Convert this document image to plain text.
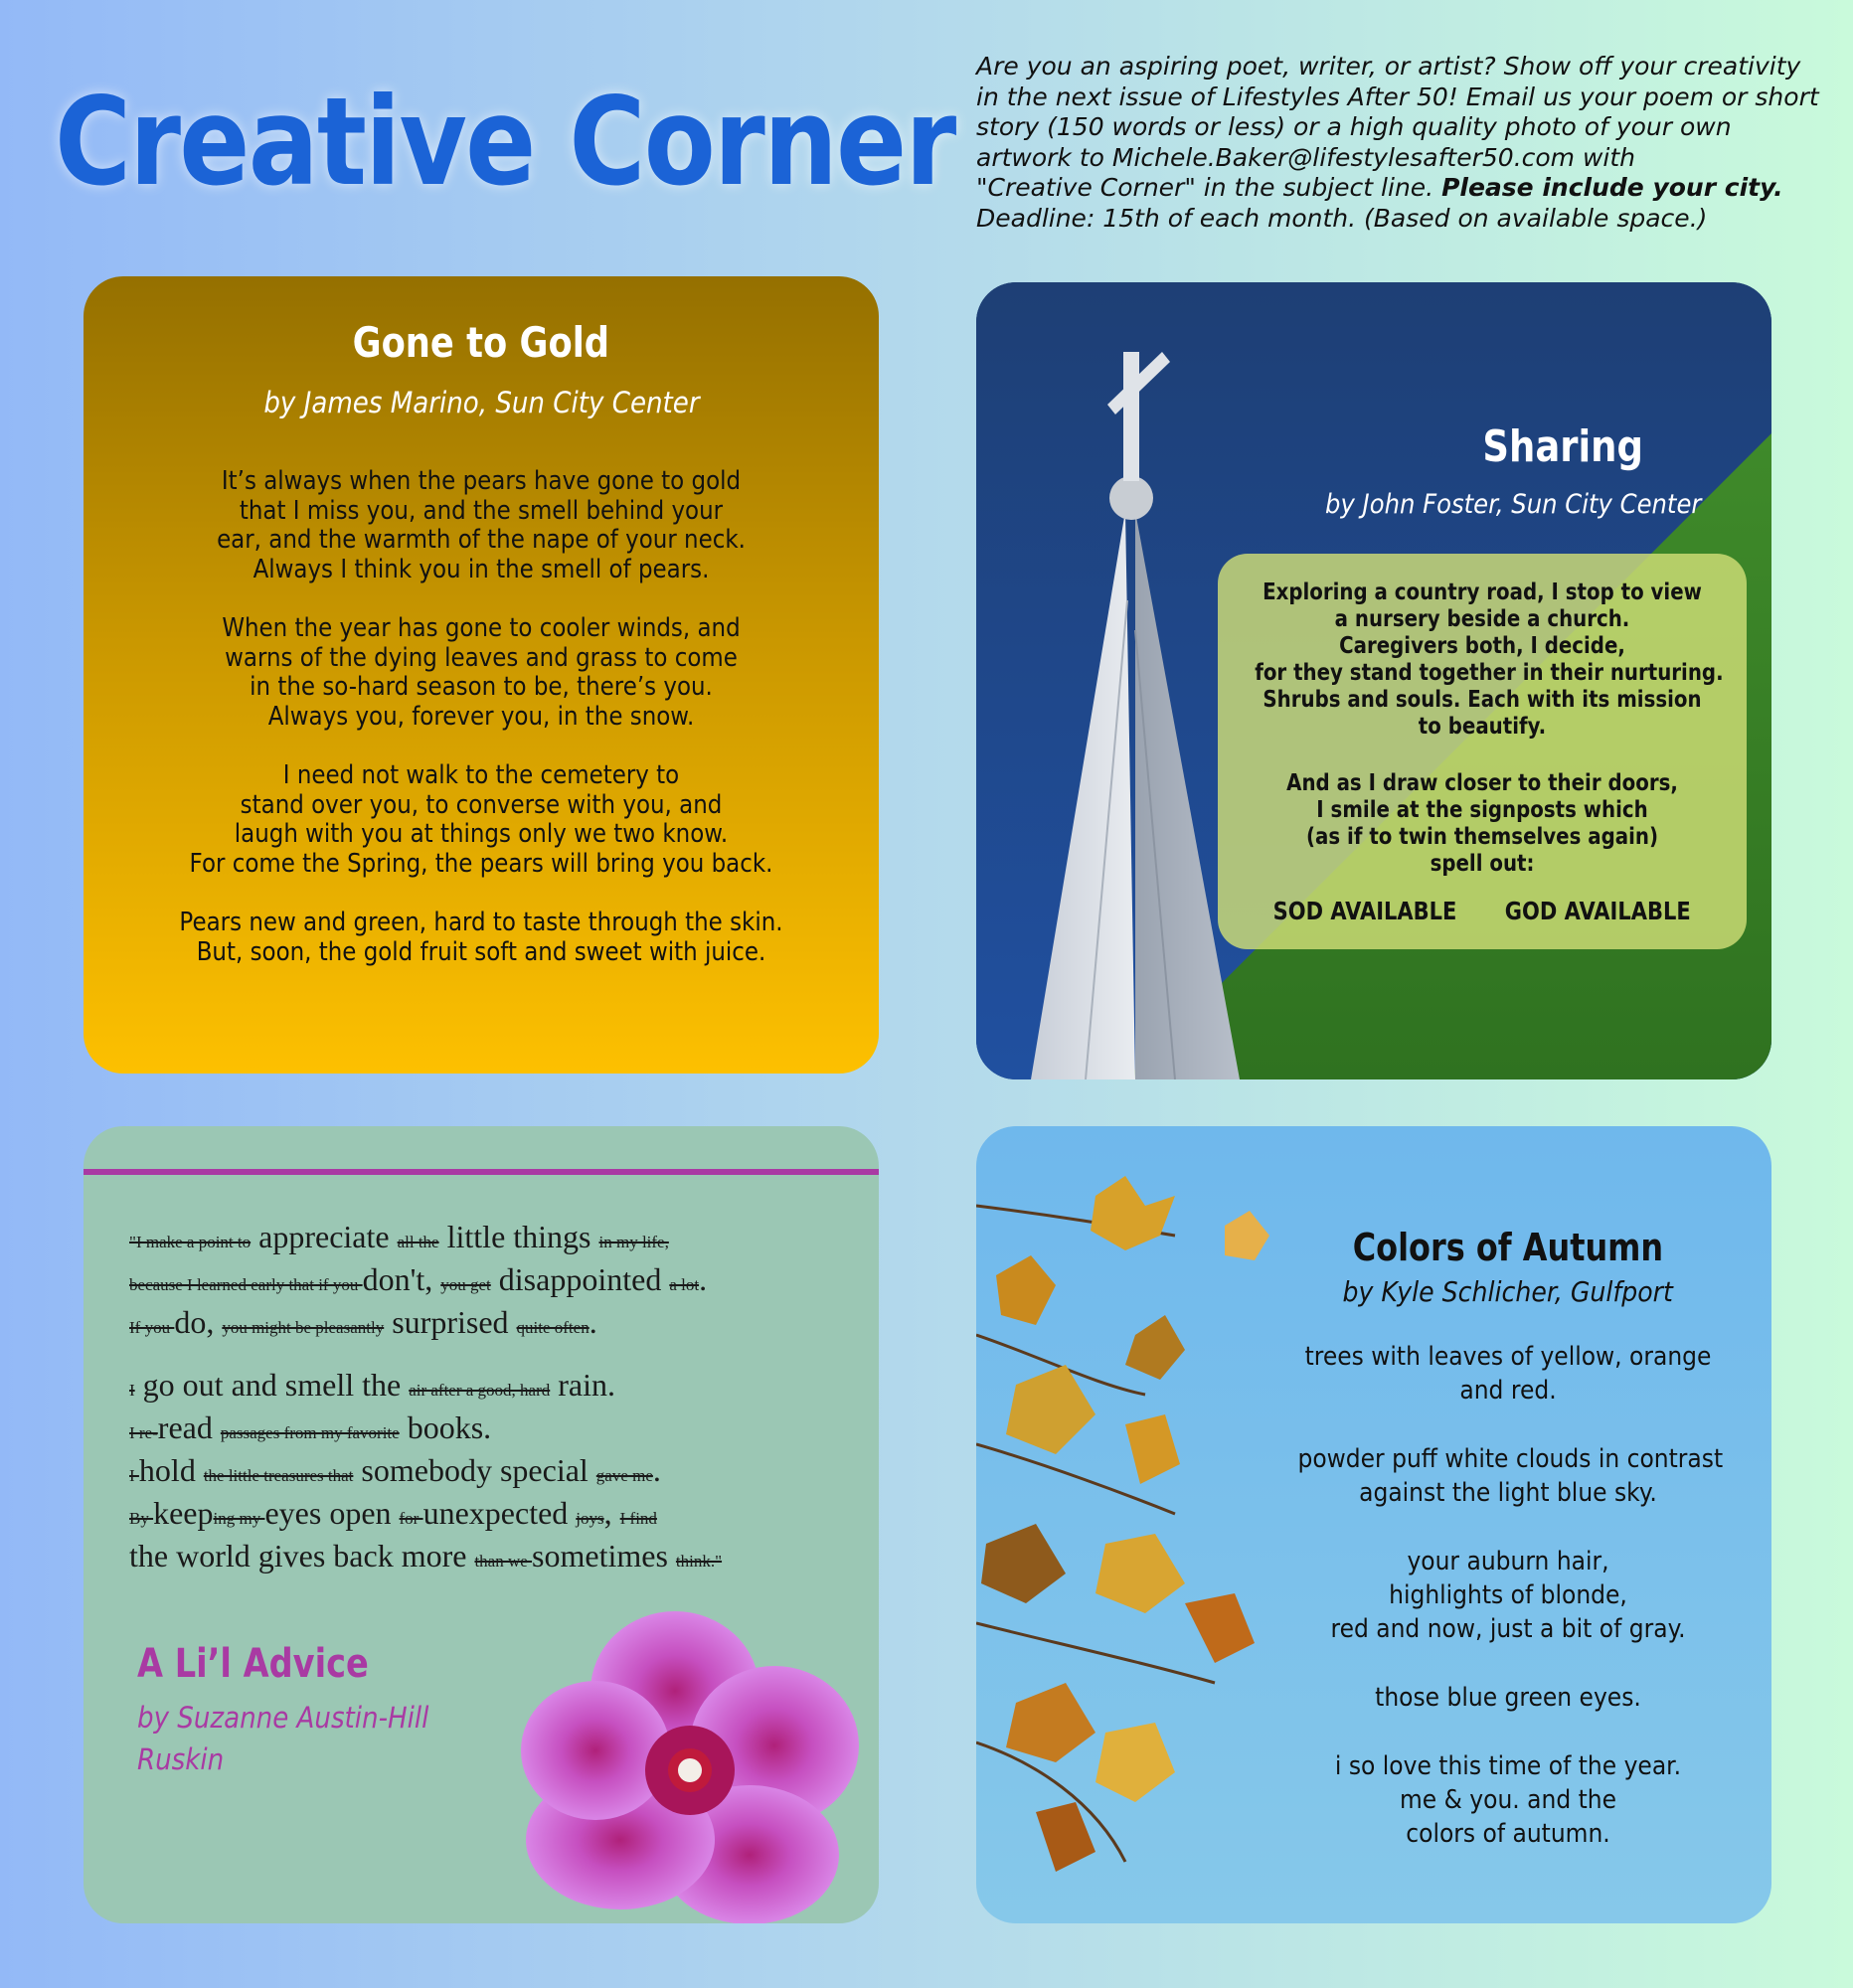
Creative Corner
Are you an aspiring poet, writer, or artist? Show off your creativity
in the next issue of Lifestyles After 50! Email us your poem or short
story (150 words or less) or a high quality photo of your own
artwork to Michele.Baker@lifestylesafter50.com with
"Creative Corner" in the subject line. Please include your city.
Deadline: 15th of each month. (Based on available space.)
Gone to Gold
by James Marino, Sun City Center
It’s always when the pears have gone to gold
that I miss you, and the smell behind your
ear, and the warmth of the nape of your neck.
Always I think you in the smell of pears.
When the year has gone to cooler winds, and
warns of the dying leaves and grass to come
in the so-hard season to be, there’s you.
Always you, forever you, in the snow.
I need not walk to the cemetery to
stand over you, to converse with you, and
laugh with you at things only we two know.
For come the Spring, the pears will bring you back.
Pears new and green, hard to taste through the skin.
But, soon, the gold fruit soft and sweet with juice.
Sharing
by John Foster, Sun City Center
Exploring a country road, I stop to view
a nursery beside a church.
Caregivers both, I decide,
for they stand together in their nurturing.
Shrubs and souls. Each with its mission
to beautify.
And as I draw closer to their doors,
I smile at the signposts which
(as if to twin themselves again)
spell out:
SOD AVAILABLE GOD AVAILABLE
"I make a point to appreciate all the little things in my life,
because I learned early that if you don't, you get disappointed a lot.
If you do, you might be pleasantly surprised quite often.
I go out and smell the air after a good, hard rain.
I re-read passages from my favorite books.
I hold the little treasures that somebody special gave me.
By keeping my eyes open for unexpected joys, I find
the world gives back more than we sometimes think."
A Li’l Advice
by Suzanne Austin-Hill
Ruskin
Colors of Autumn
by Kyle Schlicher, Gulfport
trees with leaves of yellow, orange
and red.
powder puff white clouds in contrast
against the light blue sky.
your auburn hair,
highlights of blonde,
red and now, just a bit of gray.
those blue green eyes.
i so love this time of the year.
me & you. and the
colors of autumn.
